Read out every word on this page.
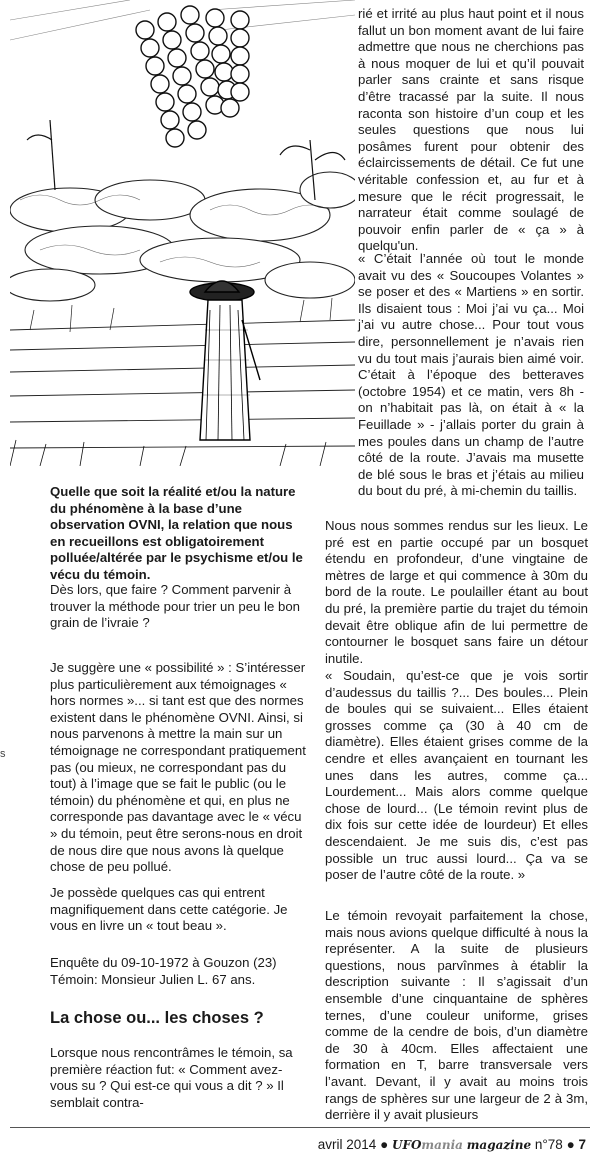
rié et irrité au plus haut point et il nous fallut un bon moment avant de lui faire admettre que nous ne cherchions pas à nous moquer de lui et qu’il pouvait parler sans crainte et sans risque d’être tracassé par la suite. Il nous raconta son histoire d’un coup et les seules questions que nous lui posâmes furent pour obtenir des éclaircissements de détail. Ce fut une véritable confession et, au fur et à mesure que le récit progressait, le narrateur était comme soulagé de pouvoir enfin parler de « ça » à quelqu'un.

« C’était l’année où tout le monde avait vu des « Soucoupes Volantes » se poser et des « Martiens » en sortir. Ils disaient tous : Moi j’ai vu ça... Moi j’ai vu autre chose... Pour tout vous dire, personnellement je n’avais rien vu du tout mais j’aurais bien aimé voir. C’était à l’époque des betteraves (octobre 1954) et ce matin, vers 8h - on n’habitait pas là, on était à « la Feuillade » - j’allais porter du grain à mes poules dans un champ de l’autre côté de la route. J’avais ma musette de blé sous le bras et j’étais au milieu du bout du pré, à mi-chemin du taillis.

Quelle que soit la réalité et/ou la nature du phénomène à la base d’une observation OVNI, la relation que nous en recueillons est obligatoirement polluée/altérée par le psychisme et/ou le vécu du témoin.

Dès lors, que faire ? Comment parvenir à trouver la méthode pour trier un peu le bon grain de l’ivraie ?

Je suggère une « possibilité » : S’intéresser plus particulièrement aux témoignages « hors normes »... si tant est que des normes existent dans le phénomène OVNI. Ainsi, si nous parvenons à mettre la main sur un témoignage ne correspondant pratiquement pas (ou mieux, ne correspondant pas du tout) à l’image que se fait le public (ou le témoin) du phénomène et qui, en plus ne corresponde pas davantage avec le « vécu » du témoin, peut être serons-nous en droit de nous dire que nous avons là quelque chose de peu pollué.

Je possède quelques cas qui entrent magnifiquement dans cette catégorie. Je vous en livre un « tout beau ».

Enquête du 09-10-1972 à Gouzon (23)

Témoin: Monsieur Julien L. 67 ans.

La chose ou... les choses ?

Lorsque nous rencontrâmes le témoin, sa première réaction fut: « Comment avez-vous su ? Qui est-ce qui vous a dit ? » Il semblait contra-

Nous nous sommes rendus sur les lieux. Le pré est en partie occupé par un bosquet étendu en profondeur, d’une vingtaine de mètres de large et qui commence à 30m du bord de la route. Le poulailler étant au bout du pré, la première partie du trajet du témoin devait être oblique afin de lui permettre de contourner le bosquet sans faire un détour inutile.

« Soudain, qu’est-ce que je vois sortir d’audessus du taillis ?... Des boules... Plein de boules qui se suivaient... Elles étaient grosses comme ça (30 à 40 cm de diamètre). Elles étaient grises comme de la cendre et elles avançaient en tournant les unes dans les autres, comme ça... Lourdement... Mais alors comme quelque chose de lourd... (Le témoin revint plus de dix fois sur cette idée de lourdeur) Et elles descendaient. Je me suis dis, c’est pas possible un truc aussi lourd... Ça va se poser de l’autre côté de la route. »

Le témoin revoyait parfaitement la chose, mais nous avions quelque difficulté à nous la représenter. A la suite de plusieurs questions, nous parvînmes à établir la description suivante : Il s’agissait d’un ensemble d’une cinquantaine de sphères ternes, d’une couleur uniforme, grises comme de la cendre de bois, d’un diamètre de 30 à 40cm. Elles affectaient une formation en T, barre transversale vers l’avant. Devant, il y avait au moins trois rangs de sphères sur une largeur de 2 à 3m, derrière il y avait plusieurs

s
avril 2014 ● UFOmania magazine n°78 ● 7
